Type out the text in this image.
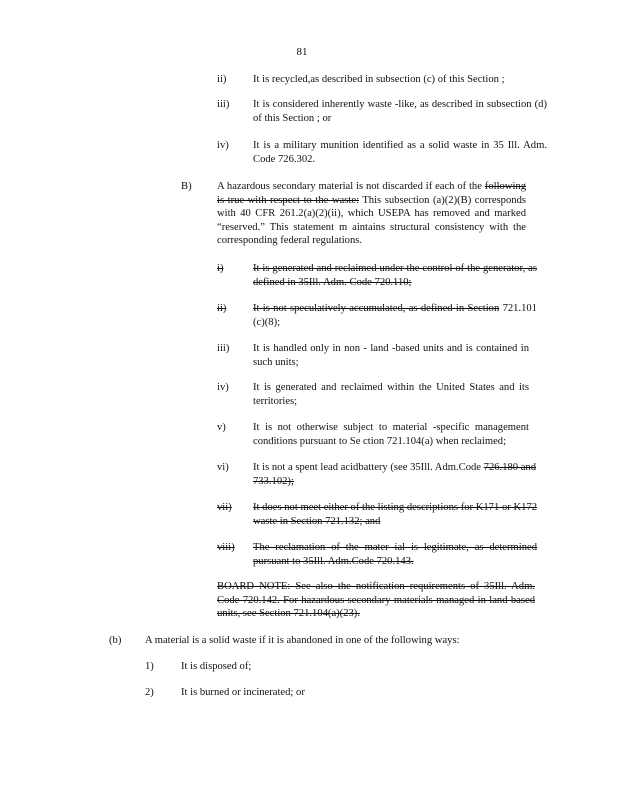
81
ii)	It is recycled,as described in subsection (c) of this Section ;
iii) It is considered inherently waste -like, as described in subsection (d) of this Section ; or
iv) It is a military munition identified as a solid waste in 35 Ill. Adm. Code 726.302.
B) A hazardous secondary material is not discarded if each of the following is true with respect to the waste: This subsection (a)(2)(B) corresponds with 40 CFR 261.2(a)(2)(ii), which USEPA has removed and marked “reserved.” This statement m aintains structural consistency with the corresponding federal regulations.
i)	It is generated and reclaimed under the control of the generator, as defined in 35Ill. Adm. Code 720.110;
ii)	It is not speculatively accumulated, as defined in Section 721.101 (c)(8);
iii) It is handled only in non - land -based units and is contained in such units;
iv) It is generated and reclaimed within the United States and its territories;
v)	It is not otherwise subject to material -specific management conditions pursuant to Se ction 721.104(a) when reclaimed;
vi) It is not a spent lead acidbattery (see 35Ill. Adm.Code 726.180 and 733.102);
vii) It does not meet either of the listing descriptions for K171 or K172 waste in Section 721.132; and
viii) The reclamation of the mater ial is legitimate, as determined pursuant to 35Ill. Adm.Code 720.143.
BOARD NOTE: See also the notification requirements of 35Ill. Adm. Code 720.142. For hazardous secondary materials managed in land based units, see Section 721.104(a)(23).
(b) A material is a solid waste if it is abandoned in one of the following ways:
1)	It is disposed of;
2)	It is burned or incinerated; or
